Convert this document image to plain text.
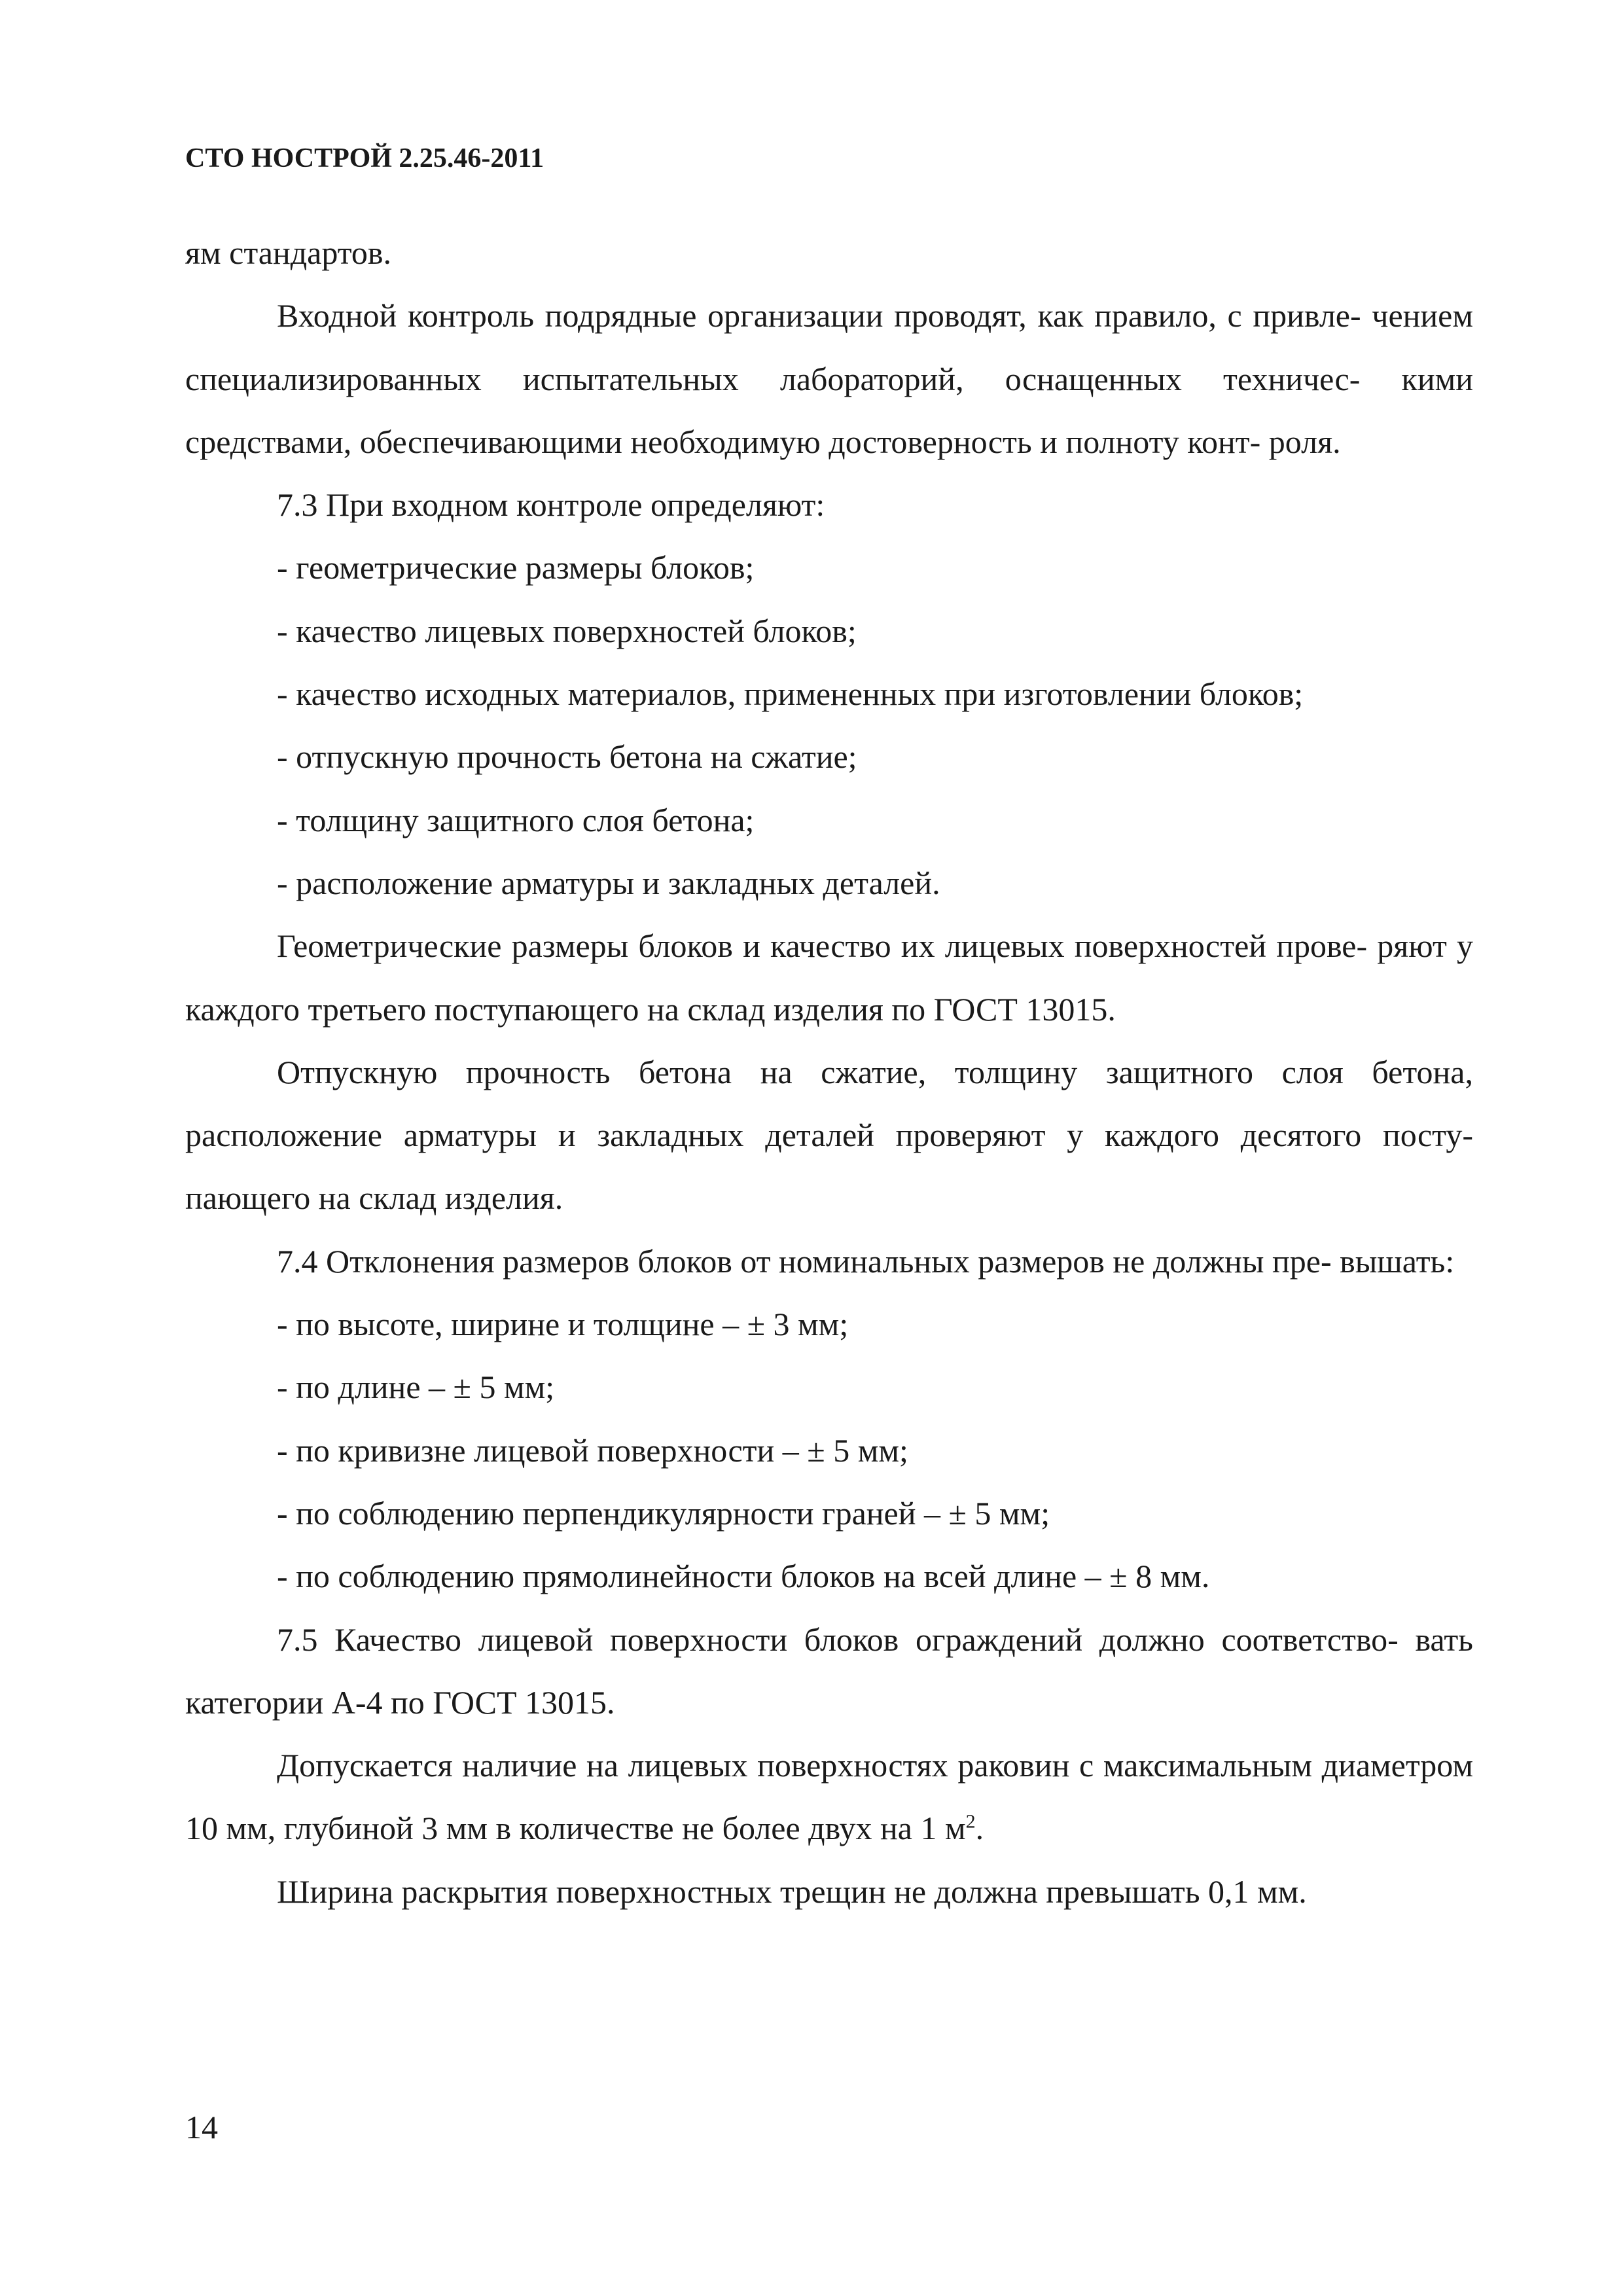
СТО НОСТРОЙ 2.25.46-2011

ям стандартов.

Входной контроль подрядные организации проводят, как правило, с привле- чением специализированных испытательных лабораторий, оснащенных техничес- кими средствами, обеспечивающими необходимую достоверность и полноту конт- роля.

7.3 При входном контроле определяют:

- геометрические размеры блоков;

- качество лицевых поверхностей блоков;

- качество исходных материалов, примененных при изготовлении блоков;

- отпускную прочность бетона на сжатие;

- толщину защитного слоя бетона;

- расположение арматуры и закладных деталей.

Геометрические размеры блоков и качество их лицевых поверхностей прове- ряют у каждого третьего поступающего на склад изделия по ГОСТ 13015.

Отпускную прочность бетона на сжатие, толщину защитного слоя бетона, расположение арматуры и закладных деталей проверяют у каждого десятого посту- пающего на склад изделия.

7.4 Отклонения размеров блоков от номинальных размеров не должны пре- вышать:

- по высоте, ширине и толщине – ± 3 мм;

- по длине – ± 5 мм;

- по кривизне лицевой поверхности – ± 5 мм;

- по соблюдению перпендикулярности граней – ± 5 мм;

- по соблюдению прямолинейности блоков на всей длине – ± 8 мм.

7.5 Качество лицевой поверхности блоков ограждений должно соответство- вать категории А-4 по ГОСТ 13015.

Допускается наличие на лицевых поверхностях раковин с максимальным диаметром 10 мм, глубиной 3 мм в количестве не более двух на 1 $м^2$.

Ширина раскрытия поверхностных трещин не должна превышать 0,1 мм.

14
